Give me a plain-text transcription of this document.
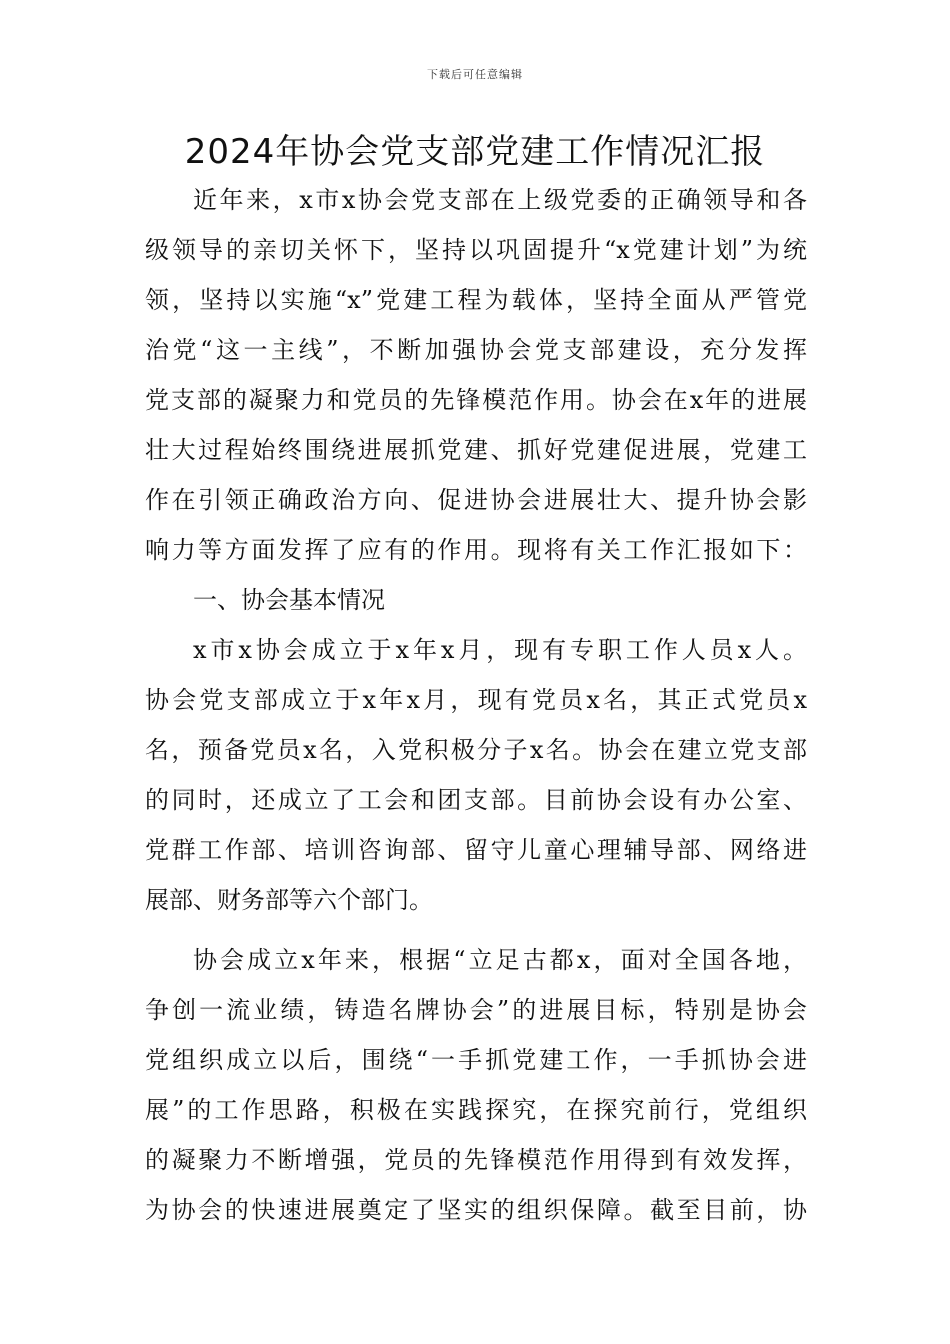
下载后可任意编辑
2024年协会党支部党建工作情况汇报
近年来，x市x协会党支部在上级党委的正确领导和各
级领导的亲切关怀下，坚持以巩固提升“x党建计划”为统
领，坚持以实施“x”党建工程为载体，坚持全面从严管党
治党“这一主线”，不断加强协会党支部建设，充分发挥
党支部的凝聚力和党员的先锋模范作用。协会在x年的进展
壮大过程始终围绕进展抓党建、抓好党建促进展，党建工
作在引领正确政治方向、促进协会进展壮大、提升协会影
响力等方面发挥了应有的作用。现将有关工作汇报如下：
一、协会基本情况
x市x协会成立于x年x月，现有专职工作人员x人。
协会党支部成立于x年x月，现有党员x名，其正式党员x
名，预备党员x名，入党积极分子x名。协会在建立党支部
的同时，还成立了工会和团支部。目前协会设有办公室、
党群工作部、培训咨询部、留守儿童心理辅导部、网络进
展部、财务部等六个部门。
协会成立x年来，根据“立足古都x，面对全国各地，
争创一流业绩，铸造名牌协会”的进展目标，特别是协会
党组织成立以后，围绕“一手抓党建工作，一手抓协会进
展”的工作思路，积极在实践探究，在探究前行，党组织
的凝聚力不断增强，党员的先锋模范作用得到有效发挥，
为协会的快速进展奠定了坚实的组织保障。截至目前，协
